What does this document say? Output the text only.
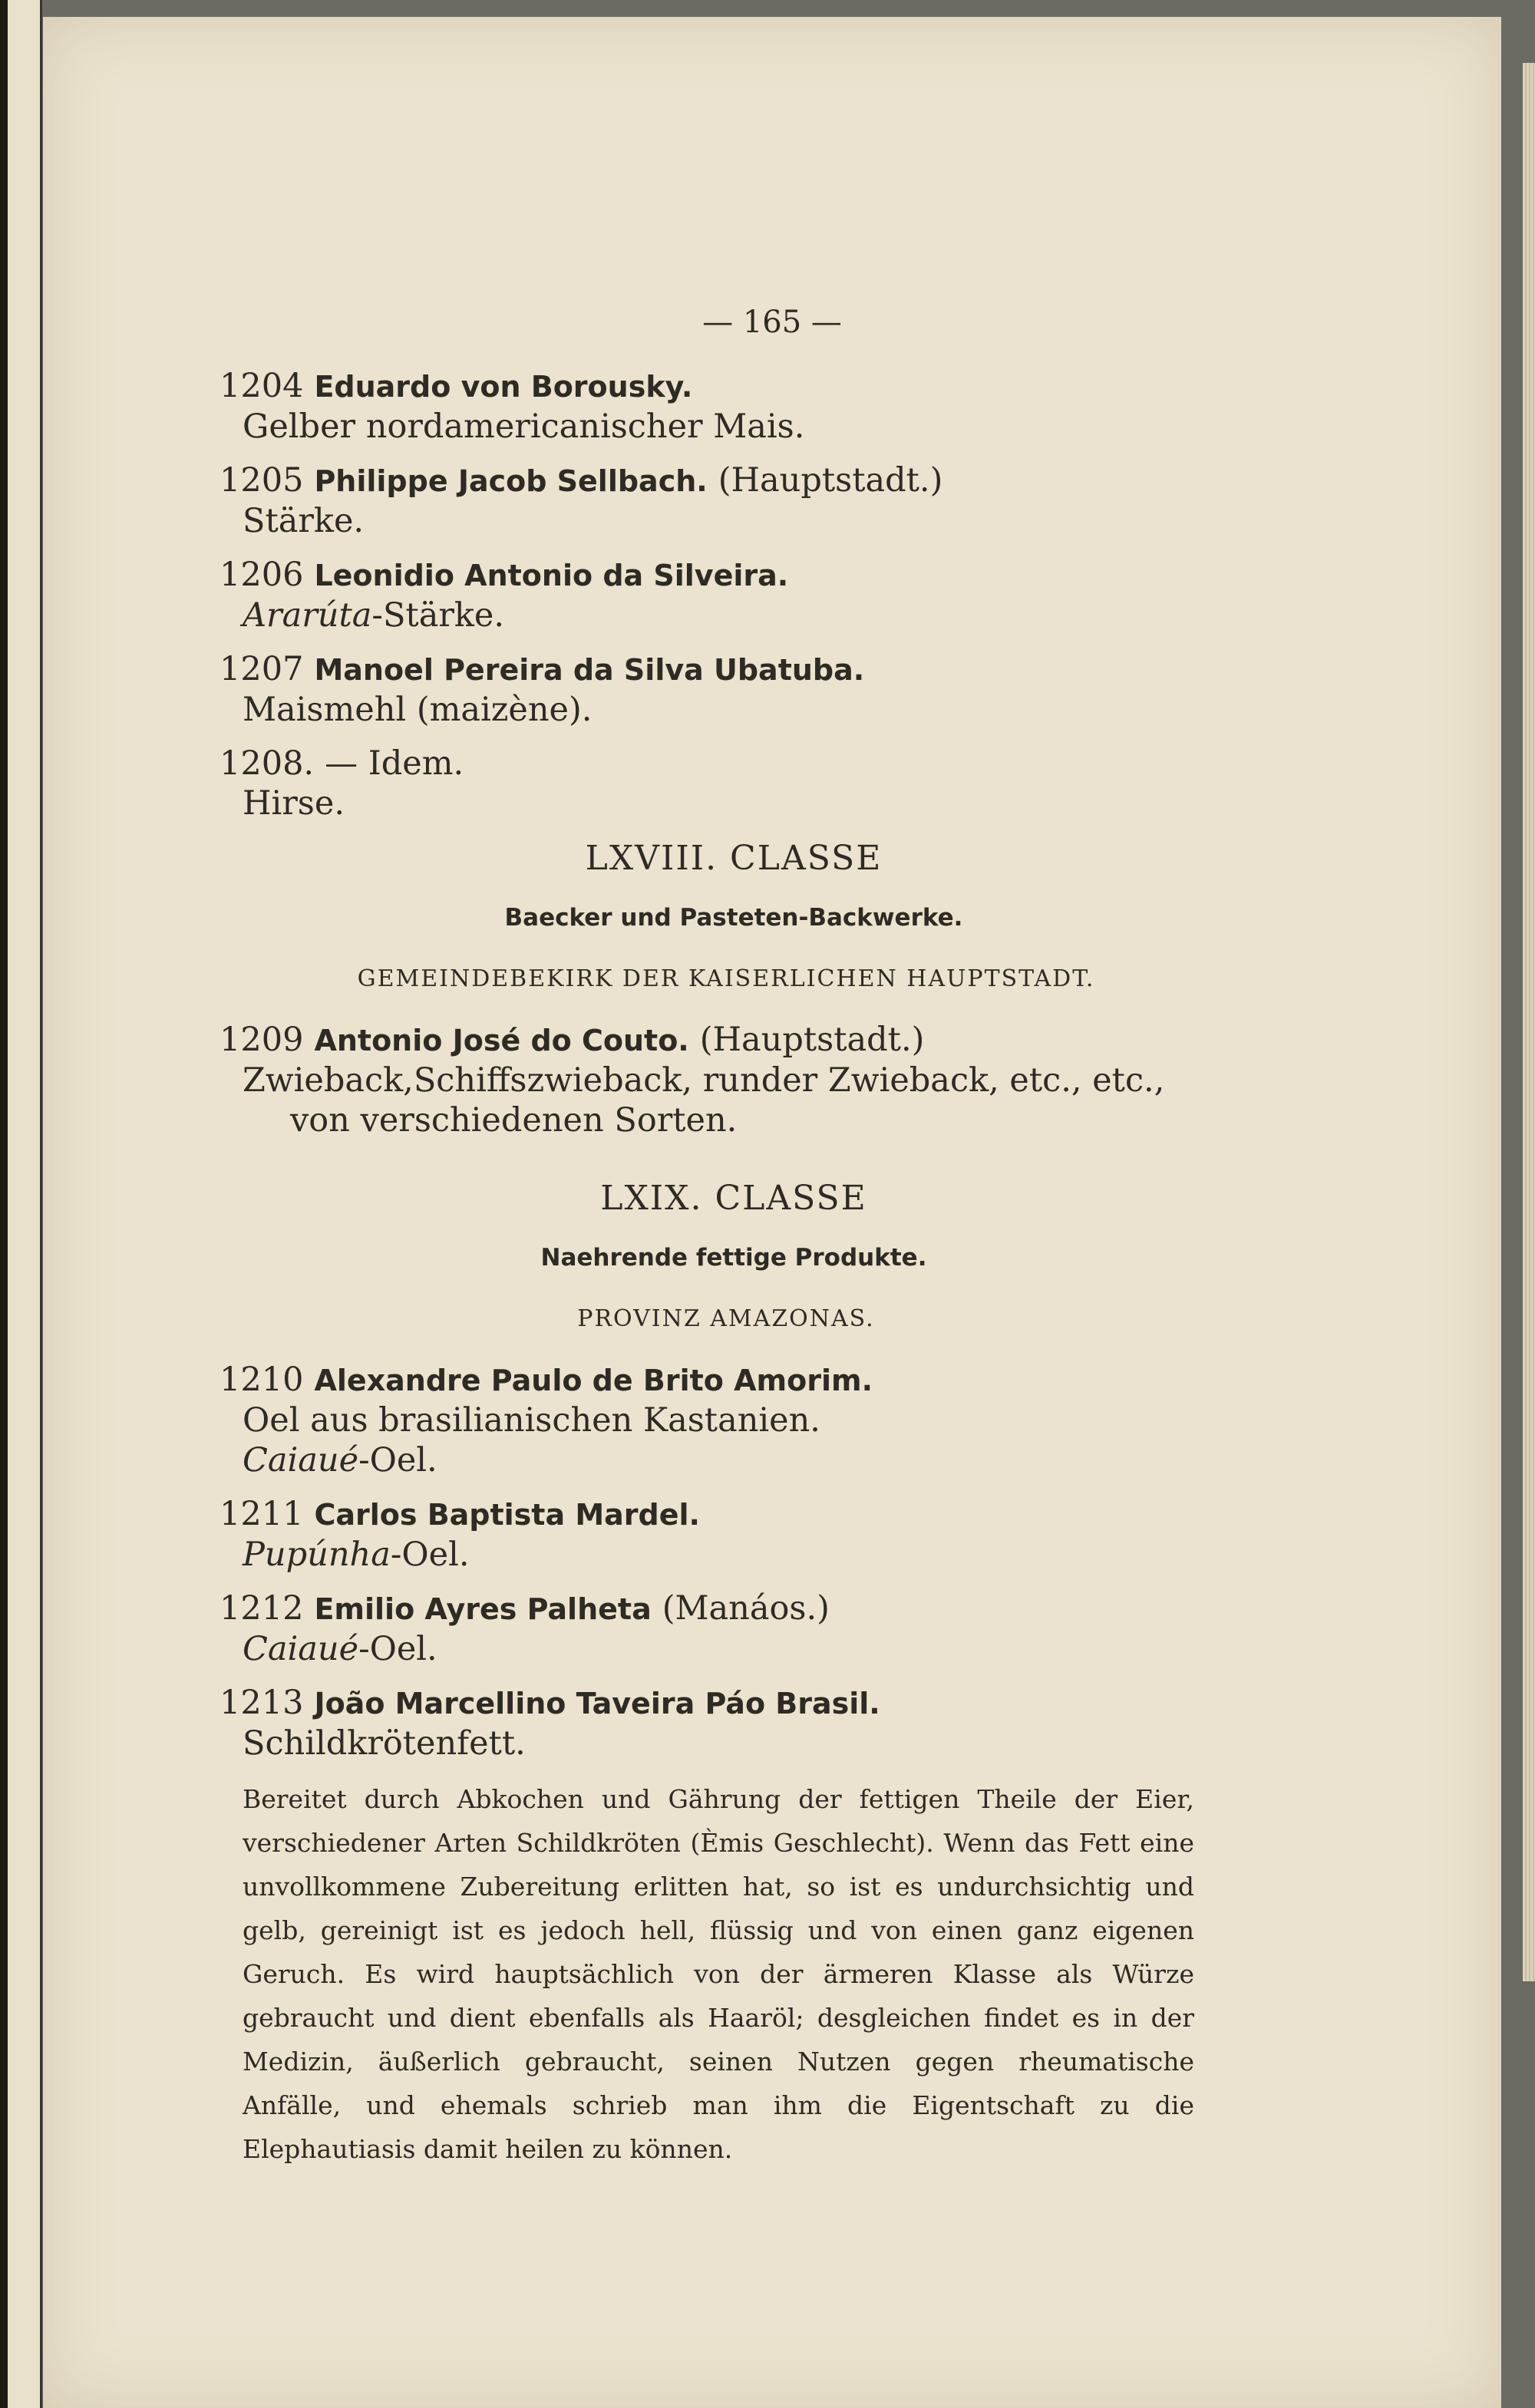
— 165 —
1204 Eduardo von Borousky.
Gelber nordamericanischer Mais.
1205 Philippe Jacob Sellbach. (Hauptstadt.)
Stärke.
1206 Leonidio Antonio da Silveira.
Ararúta-Stärke.
1207 Manoel Pereira da Silva Ubatuba.
Maismehl (maizène).
1208. — Idem.
Hirse.
LXVIII. CLASSE
Baecker und Pasteten-Backwerke.
GEMEINDEBEKIRK DER KAISERLICHEN HAUPTSTADT.
1209 Antonio José do Couto. (Hauptstadt.)
Zwieback,Schiffszwieback, runder Zwieback, etc., etc.,
von verschiedenen Sorten.
LXIX. CLASSE
Naehrende fettige Produkte.
PROVINZ AMAZONAS.
1210 Alexandre Paulo de Brito Amorim.
Oel aus brasilianischen Kastanien.
Caiaué-Oel.
1211 Carlos Baptista Mardel.
Pupúnha-Oel.
1212 Emilio Ayres Palheta (Manáos.)
Caiaué-Oel.
1213 João Marcellino Taveira Páo Brasil.
Schildkrötenfett.
Bereitet durch Abkochen und Gährung der fettigen Theile der Eier, verschiedener Arten Schildkröten (Èmis Geschlecht). Wenn das Fett eine unvollkommene Zubereitung erlitten hat, so ist es undurchsichtig und gelb, gereinigt ist es jedoch hell, flüssig und von einen ganz eigenen Geruch. Es wird hauptsächlich von der ärmeren Klasse als Würze gebraucht und dient ebenfalls als Haaröl; desgleichen findet es in der Medizin, äußerlich gebraucht, seinen Nutzen gegen rheumatische Anfälle, und ehemals schrieb man ihm die Eigentschaft zu die Elephautiasis damit heilen zu können.
